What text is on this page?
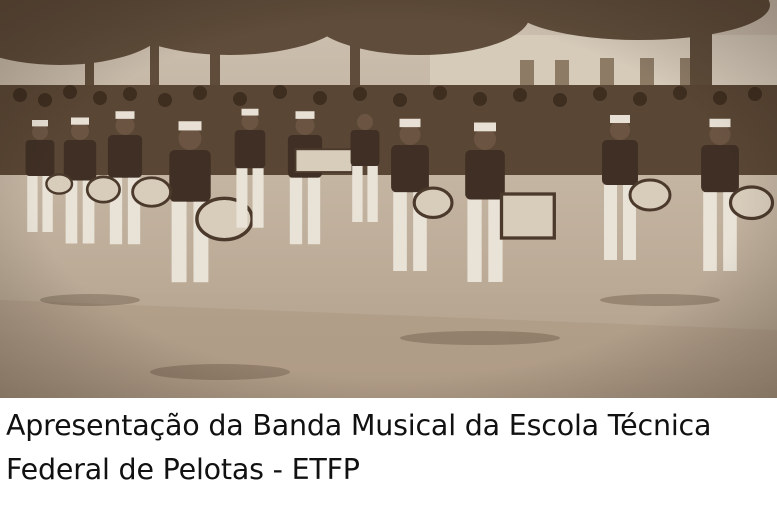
Apresentação da Banda Musical da Escola Técnica
Federal de Pelotas - ETFP
